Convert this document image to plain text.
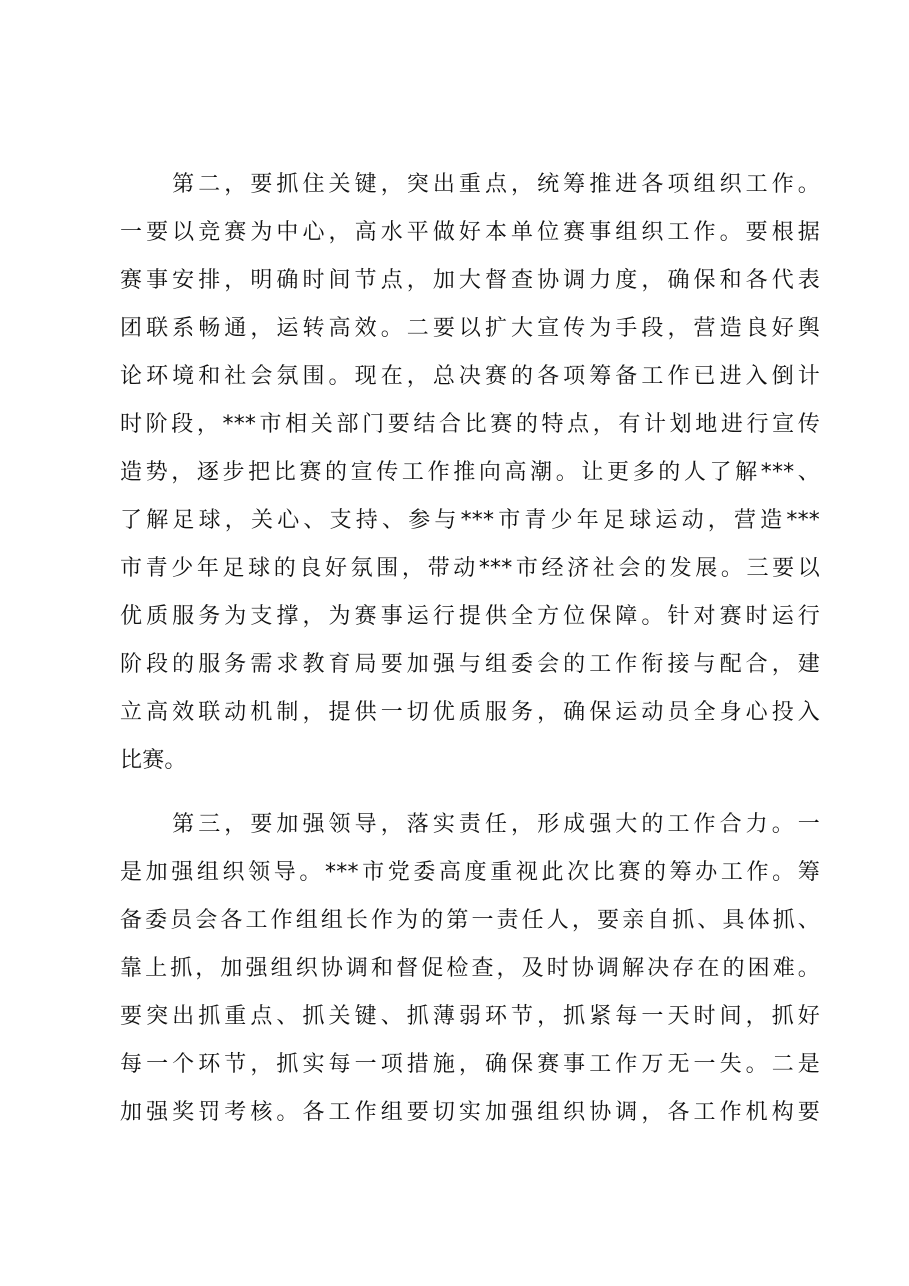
　　第二，要抓住关键，突出重点，统筹推进各项组织工作。
一要以竞赛为中心，高水平做好本单位赛事组织工作。要根据
赛事安排，明确时间节点，加大督查协调力度，确保和各代表
团联系畅通，运转高效。二要以扩大宣传为手段，营造良好舆
论环境和社会氛围。现在，总决赛的各项筹备工作已进入倒计
时阶段，***市相关部门要结合比赛的特点，有计划地进行宣传
造势，逐步把比赛的宣传工作推向高潮。让更多的人了解***、
了解足球，关心、支持、参与***市青少年足球运动，营造***
市青少年足球的良好氛围，带动***市经济社会的发展。三要以
优质服务为支撑，为赛事运行提供全方位保障。针对赛时运行
阶段的服务需求教育局要加强与组委会的工作衔接与配合，建
立高效联动机制，提供一切优质服务，确保运动员全身心投入
比赛。
　　第三，要加强领导，落实责任，形成强大的工作合力。一
是加强组织领导。***市党委高度重视此次比赛的筹办工作。筹
备委员会各工作组组长作为的第一责任人，要亲自抓、具体抓、
靠上抓，加强组织协调和督促检查，及时协调解决存在的困难。
要突出抓重点、抓关键、抓薄弱环节，抓紧每一天时间，抓好
每一个环节，抓实每一项措施，确保赛事工作万无一失。二是
加强奖罚考核。各工作组要切实加强组织协调，各工作机构要
